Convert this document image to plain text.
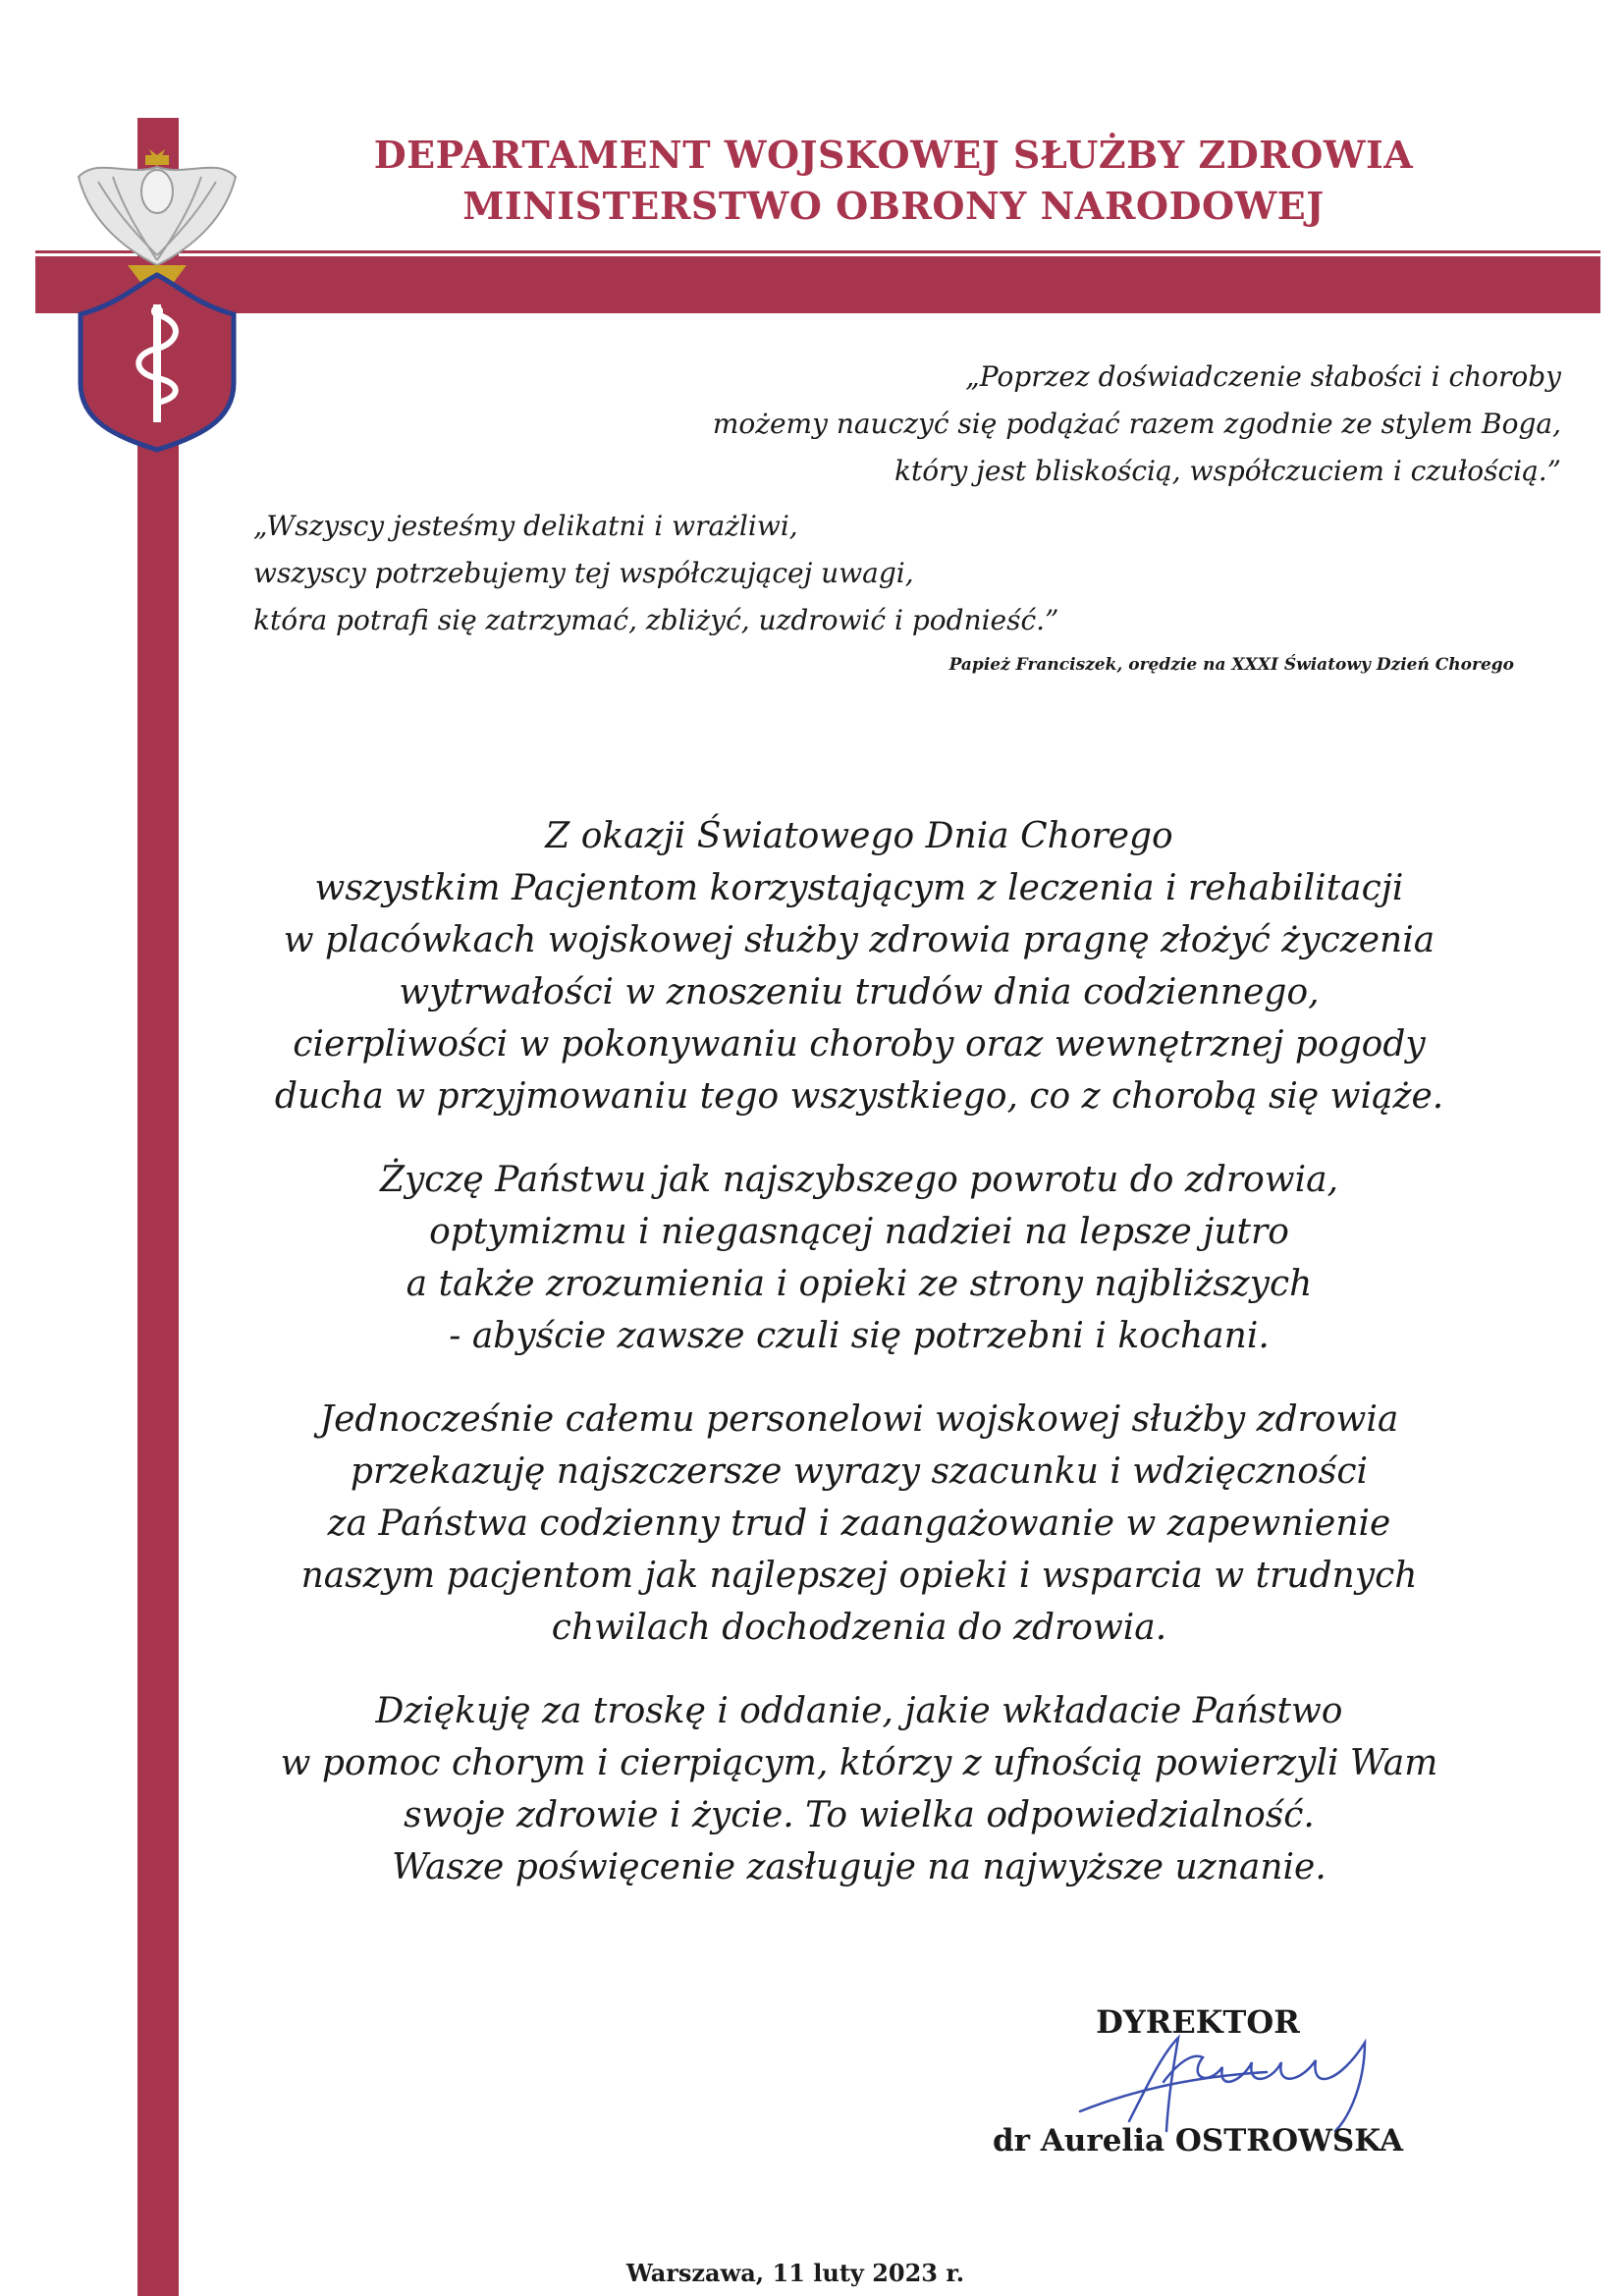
DEPARTAMENT WOJSKOWEJ SŁUŻBY ZDROWIA
MINISTERSTWO OBRONY NARODOWEJ
„Poprzez doświadczenie słabości i choroby
możemy nauczyć się podążać razem zgodnie ze stylem Boga,
który jest bliskością, współczuciem i czułością.”
„Wszyscy jesteśmy delikatni i wrażliwi,
wszyscy potrzebujemy tej współczującej uwagi,
która potrafi się zatrzymać, zbliżyć, uzdrowić i podnieść.”
Papież Franciszek, orędzie na XXXI Światowy Dzień Chorego

Z okazji Światowego Dnia Chorego
wszystkim Pacjentom korzystającym z leczenia i rehabilitacji
w placówkach wojskowej służby zdrowia pragnę złożyć życzenia
wytrwałości w znoszeniu trudów dnia codziennego,
cierpliwości w pokonywaniu choroby oraz wewnętrznej pogody
ducha w przyjmowaniu tego wszystkiego, co z chorobą się wiąże.

Życzę Państwu jak najszybszego powrotu do zdrowia,
optymizmu i niegasnącej nadziei na lepsze jutro
a także zrozumienia i opieki ze strony najbliższych
- abyście zawsze czuli się potrzebni i kochani.

Jednocześnie całemu personelowi wojskowej służby zdrowia
przekazuję najszczersze wyrazy szacunku i wdzięczności
za Państwa codzienny trud i zaangażowanie w zapewnienie
naszym pacjentom jak najlepszej opieki i wsparcia w trudnych
chwilach dochodzenia do zdrowia.

Dziękuję za troskę i oddanie, jakie wkładacie Państwo
w pomoc chorym i cierpiącym, którzy z ufnością powierzyli Wam
swoje zdrowie i życie. To wielka odpowiedzialność.
Wasze poświęcenie zasługuje na najwyższe uznanie.

DYREKTOR
dr Aurelia OSTROWSKA
Warszawa, 11 luty 2023 r.
